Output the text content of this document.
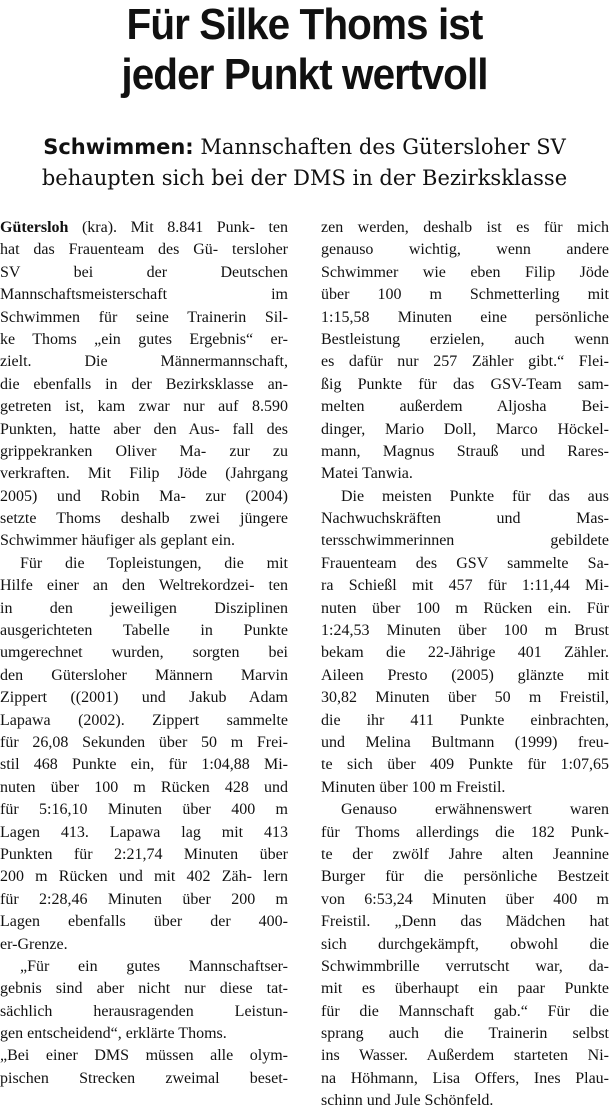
Für Silke Thoms ist
jeder Punkt wertvoll
Schwimmen: Mannschaften des Gütersloher SV
behaupten sich bei der DMS in der Bezirksklasse
Gütersloh (kra). Mit 8.841 Punk- ten
hat das Frauenteam des Gü- tersloher
SV bei der Deutschen
Mannschaftsmeisterschaft im
Schwimmen für seine Trainerin Sil-
ke Thoms „ein gutes Ergebnis“ er-
zielt. Die Männermannschaft,
die ebenfalls in der Bezirksklasse an-
getreten ist, kam zwar nur auf 8.590
Punkten, hatte aber den Aus- fall des
grippekranken Oliver Ma- zur zu
verkraften. Mit Filip Jöde (Jahrgang
2005) und Robin Ma- zur (2004)
setzte Thoms deshalb zwei jüngere
Schwimmer häufiger als geplant ein.
Für die Topleistungen, die mit
Hilfe einer an den Weltrekordzei- ten
in den jeweiligen Disziplinen
ausgerichteten Tabelle in Punkte
umgerechnet wurden, sorgten bei
den Gütersloher Männern Marvin
Zippert ((2001) und Jakub Adam
Lapawa (2002). Zippert sammelte
für 26,08 Sekunden über 50 m Frei-
stil 468 Punkte ein, für 1:04,88 Mi-
nuten über 100 m Rücken 428 und
für 5:16,10 Minuten über 400 m
Lagen 413. Lapawa lag mit 413
Punkten für 2:21,74 Minuten über
200 m Rücken und mit 402 Zäh- lern
für 2:28,46 Minuten über 200 m
Lagen ebenfalls über der 400-
er-Grenze.
„Für ein gutes Mannschaftser-
gebnis sind aber nicht nur diese tat-
sächlich herausragenden Leistun-
gen entscheidend“, erklärte Thoms.
„Bei einer DMS müssen alle olym-
pischen Strecken zweimal beset-
zen werden, deshalb ist es für mich
genauso wichtig, wenn andere
Schwimmer wie eben Filip Jöde
über 100 m Schmetterling mit
1:15,58 Minuten eine persönliche
Bestleistung erzielen, auch wenn
es dafür nur 257 Zähler gibt.“ Flei-
ßig Punkte für das GSV-Team sam-
melten außerdem Aljosha Bei-
dinger, Mario Doll, Marco Höckel-
mann, Magnus Strauß und Rares-
Matei Tanwia.
Die meisten Punkte für das aus
Nachwuchskräften und Mas-
tersschwimmerinnen gebildete
Frauenteam des GSV sammelte Sa-
ra Schießl mit 457 für 1:11,44 Mi-
nuten über 100 m Rücken ein. Für
1:24,53 Minuten über 100 m Brust
bekam die 22-Jährige 401 Zähler.
Aileen Presto (2005) glänzte mit
30,82 Minuten über 50 m Freistil,
die ihr 411 Punkte einbrachten,
und Melina Bultmann (1999) freu-
te sich über 409 Punkte für 1:07,65
Minuten über 100 m Freistil.
Genauso erwähnenswert waren
für Thoms allerdings die 182 Punk-
te der zwölf Jahre alten Jeannine
Burger für die persönliche Bestzeit
von 6:53,24 Minuten über 400 m
Freistil. „Denn das Mädchen hat
sich durchgekämpft, obwohl die
Schwimmbrille verrutscht war, da-
mit es überhaupt ein paar Punkte
für die Mannschaft gab.“ Für die
sprang auch die Trainerin selbst
ins Wasser. Außerdem starteten Ni-
na Höhmann, Lisa Offers, Ines Plau-
schinn und Jule Schönfeld.
